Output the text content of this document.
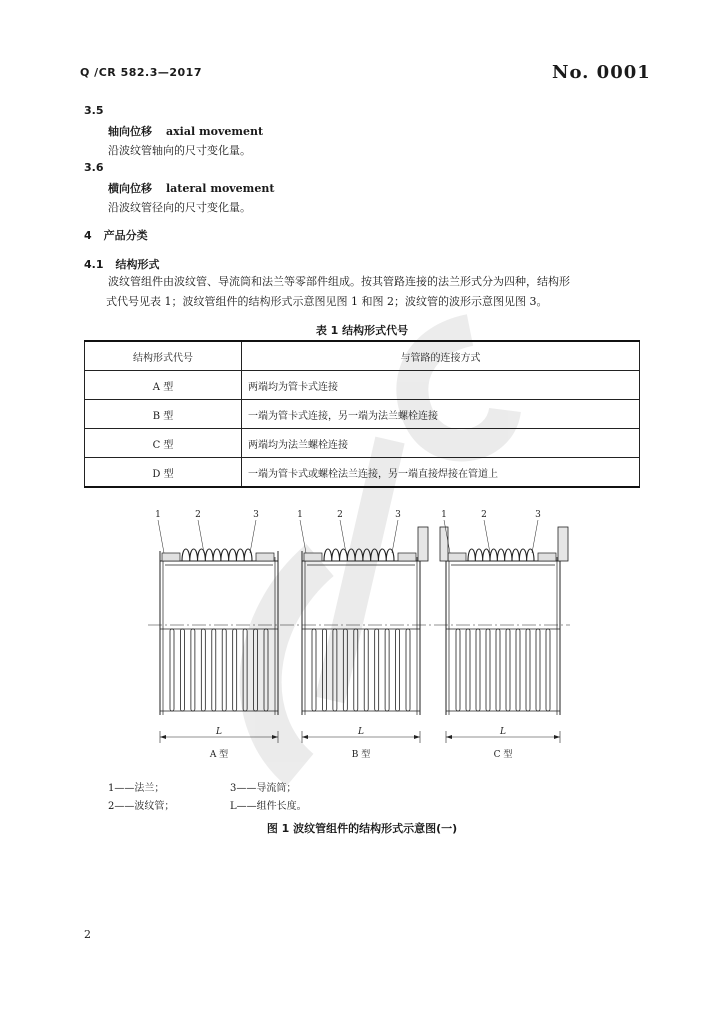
CR
Q /CR 582.3—2017	No. 0001
3.5
轴向位移 axial movement
沿波纹管轴向的尺寸变化量。
3.6
横向位移 lateral movement
沿波纹管径向的尺寸变化量。
4 产品分类
4.1 结构形式
波纹管组件由波纹管、导流筒和法兰等零部件组成。按其管路连接的法兰形式分为四种，结构形
式代号见表 1；波纹管组件的结构形式示意图见图 1 和图 2；波纹管的波形示意图见图 3。
表 1 结构形式代号
结构形式代号	与管路的连接方式
A 型	两端均为管卡式连接
B 型	一端为管卡式连接，另一端为法兰螺栓连接
C 型	两端均为法兰螺栓连接
D 型	一端为管卡式或螺栓法兰连接，另一端直接焊接在管道上
1	2	3
L
A 型
1	2	3
L
B 型
1	2	3
L
C 型
1——法兰；	3——导流筒；
2——波纹管；	L——组件长度。
图 1 波纹管组件的结构形式示意图(一)
2
